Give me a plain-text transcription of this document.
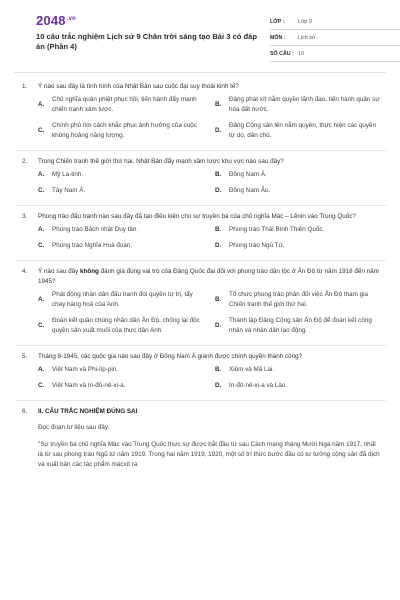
$2048^{.vn}$
10 câu trắc nghiệm Lịch sử 9 Chân trời sáng tạo Bài 3 có đáp án (Phần 4)
LỚP :	Lớp 9
MÔN :	Lịch sử
SỐ CÂU : 10
1.	Ý nào sau đây là tình hình của Nhật Bản sau cuộc đại suy thoái kinh tế?
A.
Chủ nghĩa quân phiệt phục hồi, tiến hành đẩy mạnh chiến tranh xâm lược.
B.
Đảng phát xít nắm quyền lãnh đạo, tiến hành quân sự hóa đất nước.
C.
Chính phủ tìm cách khắc phục ảnh hưởng của cuộc khủng hoảng năng lượng.
D.
Đảng Cộng sản lên nắm quyền, thực hiện các quyền tự do, dân chủ.
2.	Trong Chiến tranh thế giới thứ hai, Nhật Bản đẩy mạnh xâm lược khu vực nào sau đây?
A.	Mỹ La-tinh.	B.	Đông Nam Á.
C.	Tây Nam Á.	D.	Đông Nam Âu.
3.	Phong trào đấu tranh nào sau đây đã tạo điều kiện cho sự truyền bá của chủ nghĩa Mác – Lênin vào Trung Quốc?
A.	Phong trào Bách nhật Duy tân.	B.	Phong trào Thái Bình Thiên Quốc.
C.	Phong trào Nghĩa Hoà đoàn.	D.	Phong trào Ngũ Tứ.
4.	Ý nào sau đây không đánh giá đúng vai trò của Đảng Quốc đại đối với phong trào dân tộc ở Ấn Độ từ năm 1918 đến năm 1945?
A.
Phát động nhân dân đấu tranh đòi quyền tự trị, tẩy chay hàng hoá của Anh.
B.
Tổ chức phong trào phản đối việc Ấn Độ tham gia Chiến tranh thế giới thứ hai.
C.
Đoàn kết quần chúng nhân dân Ấn Độ, chống lại độc quyền sản xuất muối của thực dân Anh.
D.
Thành lập Đảng Cộng sản Ấn Độ để đoàn kết công nhân và nhân dân lao động.
5.	Tháng 8-1945, các quốc gia nào sau đây ở Đông Nam Á giành được chính quyền thành công?
A.	Việt Nam và Phi-líp-pin.	B.	Xiêm và Mã Lai.
C.	Việt Nam và In-đô-nê-xi-a.	D.	In-đô-nê-xi-a và Lào.
6.	II. CÂU TRẮC NGHIỆM ĐÚNG SAI
Đọc đoạn tư liệu sau đây:
"Sự truyền bá chủ nghĩa Mác vào Trung Quốc thực sự được bắt đầu từ sau Cách mạng tháng Mười Nga năm 1917, nhất là từ sau phong trào Ngũ tứ năm 1919. Trong hai năm 1919, 1920, một số trí thức bước đầu có tư tưởng cộng sản đã dịch và xuất bản các tác phẩm mácxít ra
